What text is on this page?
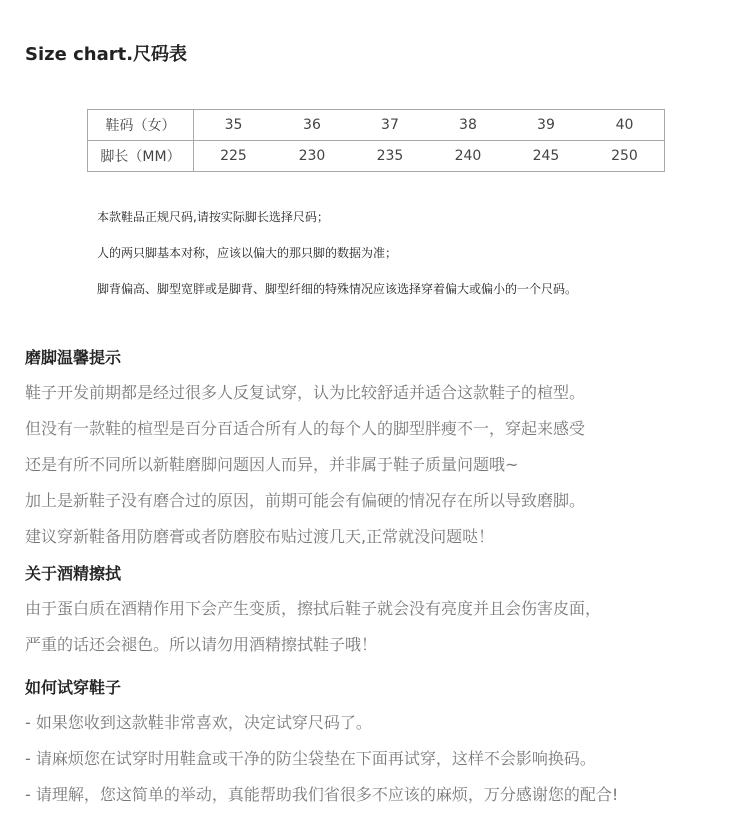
Size chart.尺码表
鞋码（女）	35	36	37	38	39	40
脚长（MM）	225	230	235	240	245	250
本款鞋品正规尺码,请按实际脚长选择尺码；
人的两只脚基本对称，应该以偏大的那只脚的数据为准；
脚背偏高、脚型宽胖或是脚背、脚型纤细的特殊情况应该选择穿着偏大或偏小的一个尺码。
磨脚温馨提示
鞋子开发前期都是经过很多人反复试穿，认为比较舒适并适合这款鞋子的楦型。
但没有一款鞋的楦型是百分百适合所有人的每个人的脚型胖瘦不一，穿起来感受
还是有所不同所以新鞋磨脚问题因人而异，并非属于鞋子质量问题哦~
加上是新鞋子没有磨合过的原因，前期可能会有偏硬的情况存在所以导致磨脚。
建议穿新鞋备用防磨膏或者防磨胶布贴过渡几天,正常就没问题哒！
关于酒精擦拭
由于蛋白质在酒精作用下会产生变质，擦拭后鞋子就会没有亮度并且会伤害皮面，
严重的话还会褪色。所以请勿用酒精擦拭鞋子哦！
如何试穿鞋子
- 如果您收到这款鞋非常喜欢，决定试穿尺码了。
- 请麻烦您在试穿时用鞋盒或干净的防尘袋垫在下面再试穿，这样不会影响换码。
- 请理解，您这简单的举动，真能帮助我们省很多不应该的麻烦，万分感谢您的配合!
